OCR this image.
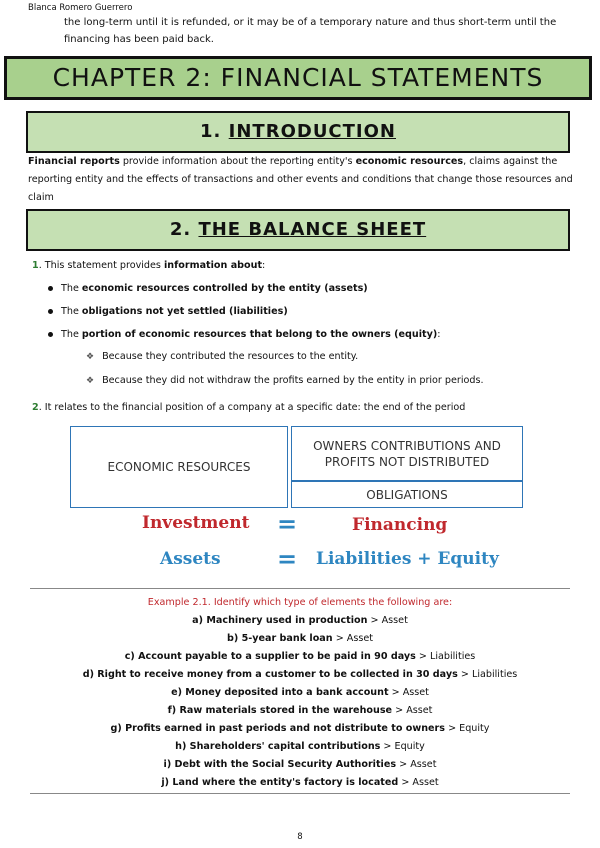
Blanca Romero Guerrero
the long-term until it is refunded, or it may be of a temporary nature and thus short-term until the financing has been paid back.
CHAPTER 2: FINANCIAL STATEMENTS
1. INTRODUCTION
Financial reports provide information about the reporting entity's economic resources, claims against the reporting entity and the effects of transactions and other events and conditions that change those resources and claim
2. THE BALANCE SHEET
1. This statement provides information about:
The economic resources controlled by the entity (assets)
The obligations not yet settled (liabilities)
The portion of economic resources that belong to the owners (equity):
❖ Because they contributed the resources to the entity.
❖ Because they did not withdraw the profits earned by the entity in prior periods.
2. It relates to the financial position of a company at a specific date: the end of the period
ECONOMIC RESOURCES
OWNERS CONTRIBUTIONS AND PROFITS NOT DISTRIBUTED
OBLIGATIONS
Investment =	Financing
Assets = Liabilities + Equity
Example 2.1. Identify which type of elements the following are:
a) Machinery used in production > Asset
b) 5-year bank loan > Asset
c) Account payable to a supplier to be paid in 90 days > Liabilities
d) Right to receive money from a customer to be collected in 30 days > Liabilities
e) Money deposited into a bank account > Asset
f) Raw materials stored in the warehouse > Asset
g) Profits earned in past periods and not distribute to owners > Equity
h) Shareholders' capital contributions > Equity
i) Debt with the Social Security Authorities > Asset
j) Land where the entity's factory is located > Asset
8
